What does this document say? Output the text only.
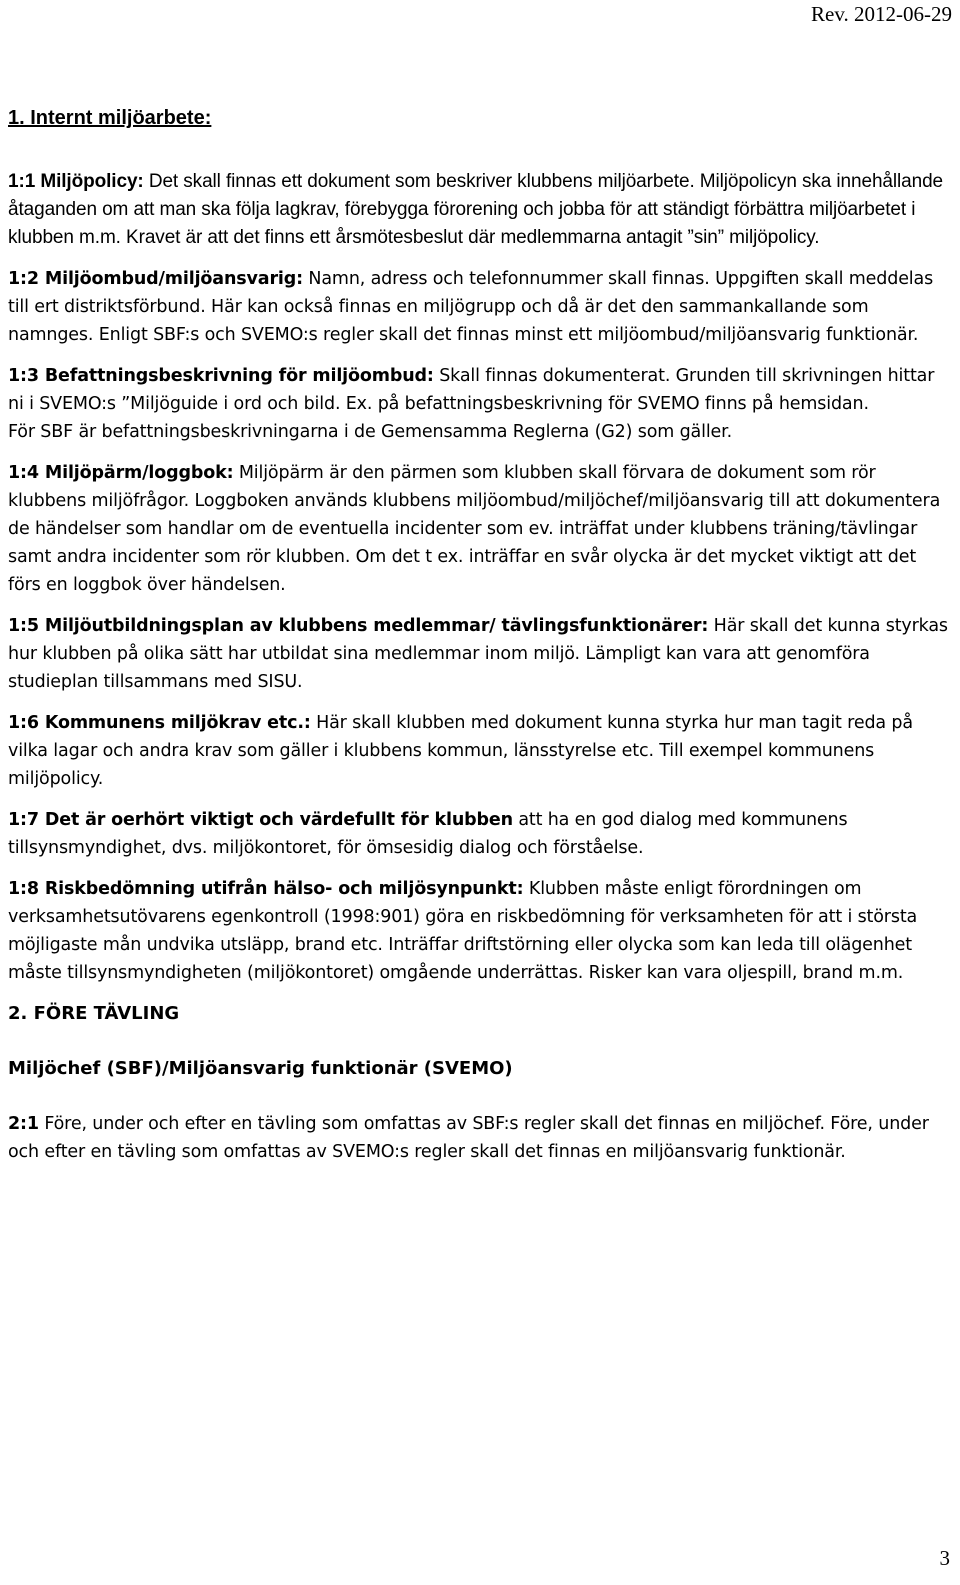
Rev. 2012-06-29

1. Internt miljöarbete:

1:1 Miljöpolicy: Det skall finnas ett dokument som beskriver klubbens miljöarbete. Miljöpolicyn ska innehållande åtaganden om att man ska följa lagkrav, förebygga förorening och jobba för att ständigt förbättra miljöarbetet i klubben m.m. Kravet är att det finns ett årsmötesbeslut där medlemmarna antagit ”sin” miljöpolicy.

1:2 Miljöombud/miljöansvarig: Namn, adress och telefonnummer skall finnas. Uppgiften skall meddelas till ert distriktsförbund. Här kan också finnas en miljögrupp och då är det den sammankallande som namnges. Enligt SBF:s och SVEMO:s regler skall det finnas minst ett miljöombud/miljöansvarig funktionär.

1:3 Befattningsbeskrivning för miljöombud: Skall finnas dokumenterat. Grunden till skrivningen hittar ni i SVEMO:s ”Miljöguide i ord och bild. Ex. på befattningsbeskrivning för SVEMO finns på hemsidan.

För SBF är befattningsbeskrivningarna i de Gemensamma Reglerna (G2) som gäller.

1:4 Miljöpärm/loggbok: Miljöpärm är den pärmen som klubben skall förvara de dokument som rör klubbens miljöfrågor. Loggboken används klubbens miljöombud/miljöchef/miljöansvarig till att dokumentera de händelser som handlar om de eventuella incidenter som ev. inträffat under klubbens träning/tävlingar samt andra incidenter som rör klubben. Om det t ex. inträffar en svår olycka är det mycket viktigt att det förs en loggbok över händelsen.

1:5 Miljöutbildningsplan av klubbens medlemmar/ tävlingsfunktionärer: Här skall det kunna styrkas hur klubben på olika sätt har utbildat sina medlemmar inom miljö. Lämpligt kan vara att genomföra studieplan tillsammans med SISU.

1:6 Kommunens miljökrav etc.: Här skall klubben med dokument kunna styrka hur man tagit reda på vilka lagar och andra krav som gäller i klubbens kommun, länsstyrelse etc. Till exempel kommunens miljöpolicy.

1:7 Det är oerhört viktigt och värdefullt för klubben att ha en god dialog med kommunens tillsynsmyndighet, dvs. miljökontoret, för ömsesidig dialog och förståelse.

1:8 Riskbedömning utifrån hälso- och miljösynpunkt: Klubben måste enligt förordningen om verksamhetsutövarens egenkontroll (1998:901) göra en riskbedömning för verksamheten för att i största möjligaste mån undvika utsläpp, brand etc. Inträffar driftstörning eller olycka som kan leda till olägenhet måste tillsynsmyndigheten (miljökontoret) omgående underrättas. Risker kan vara oljespill, brand m.m.

2. FÖRE TÄVLING

Miljöchef (SBF)/Miljöansvarig funktionär (SVEMO)

2:1 Före, under och efter en tävling som omfattas av SBF:s regler skall det finnas en miljöchef. Före, under och efter en tävling som omfattas av SVEMO:s regler skall det finnas en miljöansvarig funktionär.

3
